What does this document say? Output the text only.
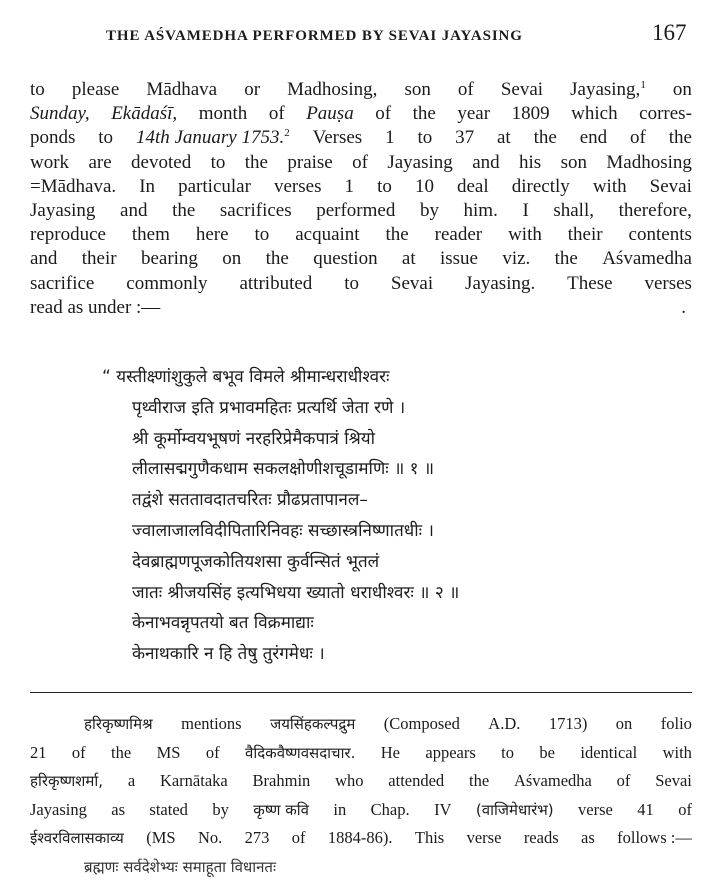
THE AŚVAMEDHA PERFORMED BY SEVAI JAYASING	167
to please Mādhava or Madhosing, son of Sevai Jayasing,$^1$ on
Sunday, Ekādaśī, month of Pauṣa of the year 1809 which corres-
ponds to 14th January 1753.$^2$ Verses 1 to 37 at the end of the
work are devoted to the praise of Jayasing and his son Madhosing
=Mādhava. In particular verses 1 to 10 deal directly with Sevai
Jayasing and the sacrifices performed by him. I shall, therefore,
reproduce them here to acquaint the reader with their contents
and their bearing on the question at issue viz. the Aśvamedha
sacrifice commonly attributed to Sevai Jayasing. These verses
read as under :—	.
“ यस्तीक्ष्णांशुकुले बभूव विमले श्रीमान्धराधीश्वरः
पृथ्वीराज इति प्रभावमहितः प्रत्यर्थि जेता रणे ।
श्री कूर्मोम्वयभूषणं नरहरिप्रेमैकपात्रं श्रियो
लीलासद्मगुणैकधाम सकलक्षोणीशचूडामणिः ॥ १ ॥
तद्वंशे सततावदातचरितः प्रौढप्रतापानल–
ज्वालाजालविदीपितारिनिवहः सच्छास्त्रनिष्णातधीः ।
देवब्राह्मणपूजकोतियशसा कुर्वन्सितं भूतलं
जातः श्रीजयसिंह इत्यभिधया ख्यातो धराधीश्वरः ॥ २ ॥
केनाभवन्नृपतयो बत विक्रमाद्याः
केनाथकारि न हि तेषु तुरंगमेधः ।
हरिकृष्णमिश्र mentions जयसिंहकल्पद्रुम (Composed A.D. 1713) on folio
21 of the MS of वैदिकवैष्णवसदाचार. He appears to be identical with
हरिकृष्णशर्मा, a Karnātaka Brahmin who attended the Aśvamedha of Sevai
Jayasing as stated by कृष्ण कवि in Chap. IV (वाजिमेधारंभ) verse 41 of
ईश्वरविलासकाव्य (MS No. 273 of 1884-86). This verse reads as follows :—
ब्रह्मणः सर्वदेशेभ्यः समाहूता विधानतः
